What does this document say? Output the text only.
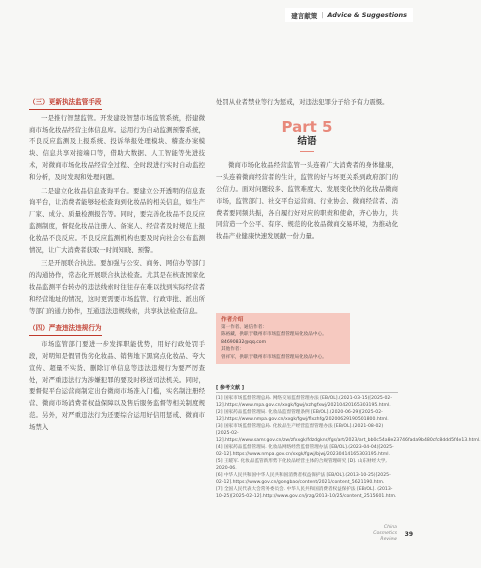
建言献策 | Advice & Suggestions

（三）更新执法监管手段

一是推行智慧监管。开发建设智慧市场监管系统，搭建微商市场化妆品经营主体信息库。运用行为自动监测预警系统，不良反应监测及上报系统、投诉举报处理模块、稽查办案模块、信息共享对接端口等，借助大数据、人工智能等先进技术，对微商市场化妆品经营全过程、全时段进行实时自动监控和分析，及时发现和处理问题。

二是建立化妆品信息查询平台。要建立公开透明的信息查询平台，让消费者能够轻松查询到化妆品的相关信息，如生产厂家、成分、质量检测报告等。同时，要完善化妆品不良反应监测制度，督促化妆品注册人、备案人、经营者及时规范上报化妆品不良反应。不良反应监测机构也要及时向社会公布监测情况，让广大消费者获取一时间知晓、预警。

三是开展联合执法。要加强与公安、商务、网信办等部门的沟通协作，常态化开展联合执法检查。尤其是在核查国家化妆品监测平台转办的违法线索时往往存在难以找到实际经营者和经营地址的情况，这时更需要市场监管、行政审批、派出所等部门的通力协作，互通违法违规线索，共享执法检查信息。

（四）严查违法违规行为

市场监管部门要进一步发挥职能优势，用好行政处罚手段，对明知是假冒伪劣化妆品、销售地下黑窝点化妆品、夸大宣传、超量不实货、删除订单信息等违法违规行为要严厉查处，对严重违法行为涉嫌犯罪的要及时移送司法机关。同时，要督促平台运营商制定出台微商市场准入门槛，实名制注册经营、微商市场消费者权益保障以及售后服务监督等相关制度规范。另外，对严重违法行为还要综合运用好信用惩戒、微商市场禁入

处罚从业者禁业等行为惩戒，对违法犯罪分子给予有力震慑。

Part 5
结语

微商市场化妆品经营监管一头连着广大消费者的身体健康，一头连着微商经营者的生计，监管的好与坏更关系到政府部门的公信力。面对问题较多、监管难度大、发展变化快的化妆品微商市场，监管部门、社交平台运营商、行业协会、微商经营者、消费者要同频共振，各自履行好对应的职责和使命，齐心协力，共同营造一个公平、有序、规范的化妆品微商交易环境，为推动化妆品产业健康快速发展献一份力量。

作者介绍
第一作者、通信作者：
陈裕藏，供职于赣州市市场监督管理局化妆品中心。
84690832@qq.com
其他作者：
曾祥军，供职于赣州市市场监督管理局化妆品中心。
[ 参考文献 ]
[1] 国家市场监督管理总局. 网络交易监督管理办法 [EB/OL].(2021-03-15)[2025-02-12].https://www.mpa.gov.cn/xxgk/fgwj/xzhgfxwj/20210420165303195.html.
[2] 国家药品监督管理局. 化妆品监督管理条例 [EB/OL].(2020-06-29)[2025-02-12].https://www.nmpa.gov.cn/xxgk/fgwj/flxzhfg/20200629190501800.html.
[3] 国家市场监督管理总局. 化妆品生产经营监督管理办法 [EB/OL].(2021-08-02)[2025-02-12].https://www.samr.gov.cn/zw/zfxxgk/fdzdgknr/fgs/art/2023/art_bb0c54a8e23746fada9b480cfc8ddd5f4e13.html.
[4] 国家药品监督管理局. 化妆品网络经营监督管理办法 [EB/OL].(2023-04-04)[2025-02-12].https://www.nmpa.gov.cn/xxgk/fgwj/bjwj/20230414165303195.html.
[5] 王暖军. 化妆品监管新形势下化妆品经营主体的合规管理研究 [D]. 山东财经大学, 2020-06.
[6] 中华人民共和国中华人民共和国消费者权益保护法 [EB/OL].(2013-10-25)[2025-02-12].https://www.gov.cn/gongbao/content/2021/content_5621190.htm.
[7] 全国人民代表大会常务委员会. 中华人民共和国消费者权益保护法 [EB/OL]. (2013-10-25)[2025-02-12].http://www.gov.cn/jrzg/2013-10/25/content_2515601.htm.
China
Cosmetics
Review
39
